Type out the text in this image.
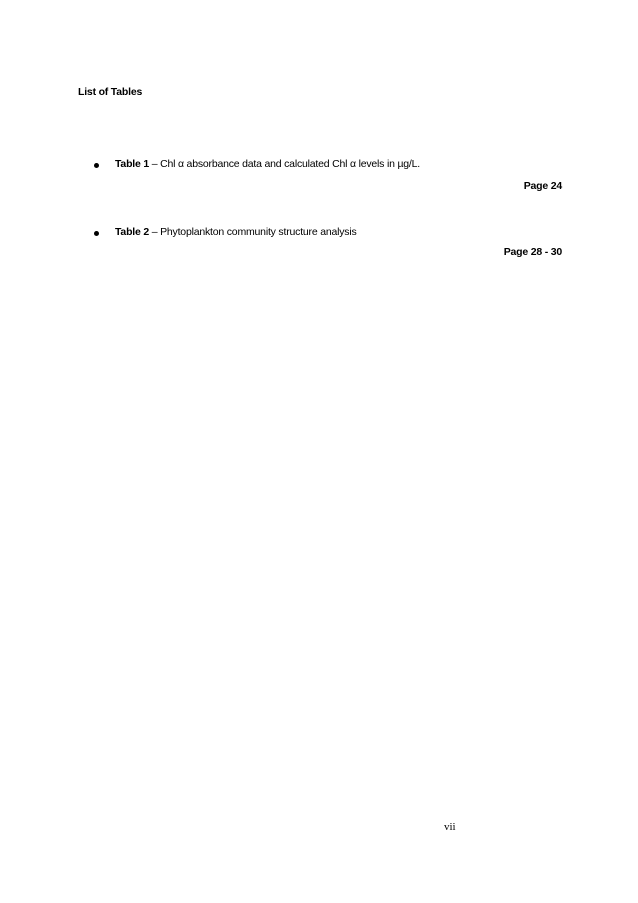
List of Tables
Table 1 – Chl α absorbance data and calculated Chl α levels in µg/L.
Page 24
Table 2 – Phytoplankton community structure analysis
Page 28 - 30
vii
